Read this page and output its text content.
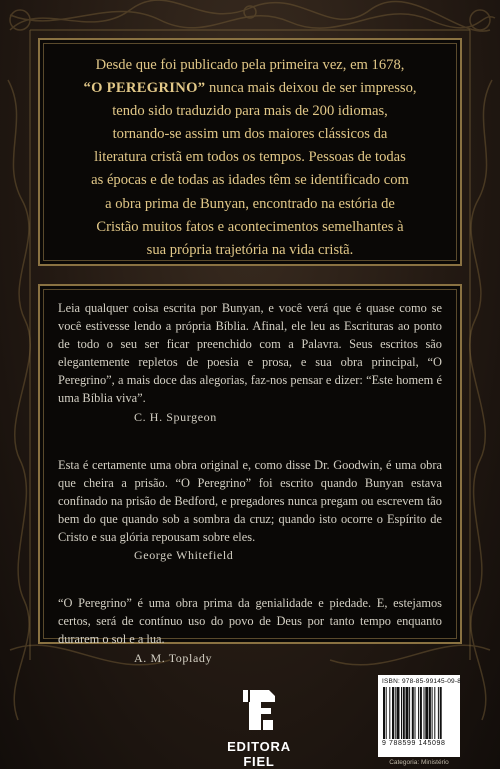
Desde que foi publicado pela primeira vez, em 1678,
“O PEREGRINO” nunca mais deixou de ser impresso,
tendo sido traduzido para mais de 200 idiomas,
tornando-se assim um dos maiores clássicos da
literatura cristã em todos os tempos. Pessoas de todas
as épocas e de todas as idades têm se identificado com
a obra prima de Bunyan, encontrado na estória de
Cristão muitos fatos e acontecimentos semelhantes à
sua própria trajetória na vida cristã.

Leia qualquer coisa escrita por Bunyan, e você verá que é quase como se você estivesse lendo a própria Bíblia. Afinal, ele leu as Escrituras ao ponto de todo o seu ser ficar preenchido com a Palavra. Seus escritos são elegantemente repletos de poesia e prosa, e sua obra principal, “O Peregrino”, a mais doce das alegorias, faz-nos pensar e dizer: “Este homem é uma Bíblia viva”.

C. H. Spurgeon

Esta é certamente uma obra original e, como disse Dr. Goodwin, é uma obra que cheira a prisão. “O Peregrino” foi escrito quando Bunyan estava confinado na prisão de Bedford, e pregadores nunca pregam ou escrevem tão bem do que quando sob a sombra da cruz; quando isto ocorre o Espírito de Cristo e sua glória repousam sobre eles.

George Whitefield

“O Peregrino” é uma obra prima da genialidade e piedade. E, estejamos certos, será de contínuo uso do povo de Deus por tanto tempo enquanto durarem o sol e a lua.

A. M. Toplady

EDITORA FIEL
ISBN: 978-85-99145-09-8
9 788599 145098
Categoria: Ministério
